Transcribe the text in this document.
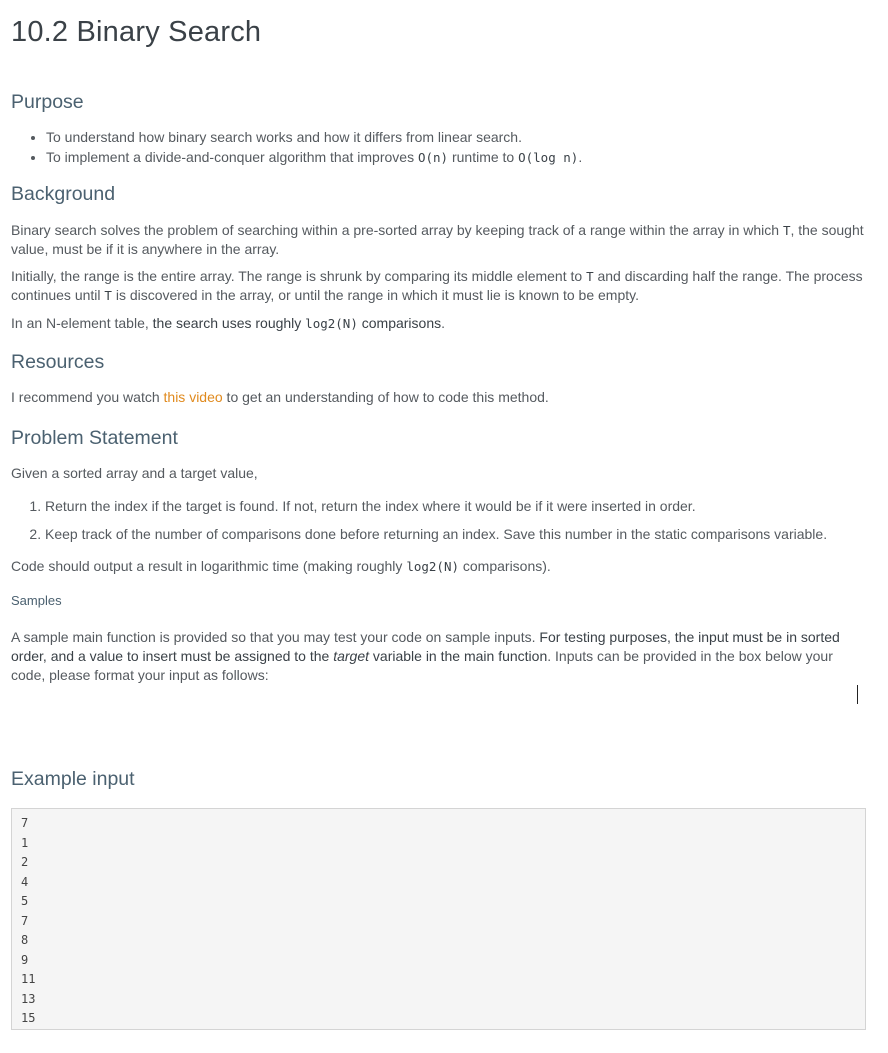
10.2 Binary Search
Purpose
• To understand how binary search works and how it differs from linear search.
• To implement a divide-and-conquer algorithm that improves O(n) runtime to O(log n).
Background

Binary search solves the problem of searching within a pre-sorted array by keeping track of a range within the array in which T, the sought value, must be if it is anywhere in the array.

Initially, the range is the entire array. The range is shrunk by comparing its middle element to T and discarding half the range. The process continues until T is discovered in the array, or until the range in which it must lie is known to be empty.

In an N-element table, the search uses roughly log2(N) comparisons.

Resources

I recommend you watch this video to get an understanding of how to code this method.

Problem Statement

Given a sorted array and a target value,

1. Return the index if the target is found. If not, return the index where it would be if it were inserted in order.
2. Keep track of the number of comparisons done before returning an index. Save this number in the static comparisons variable.

Code should output a result in logarithmic time (making roughly log2(N) comparisons).

Samples

A sample main function is provided so that you may test your code on sample inputs. For testing purposes, the input must be in sorted order, and a value to insert must be assigned to the target variable in the main function. Inputs can be provided in the box below your code, please format your input as follows:

Example input
7
1
2
4
5
7
8
9
11
13
15
